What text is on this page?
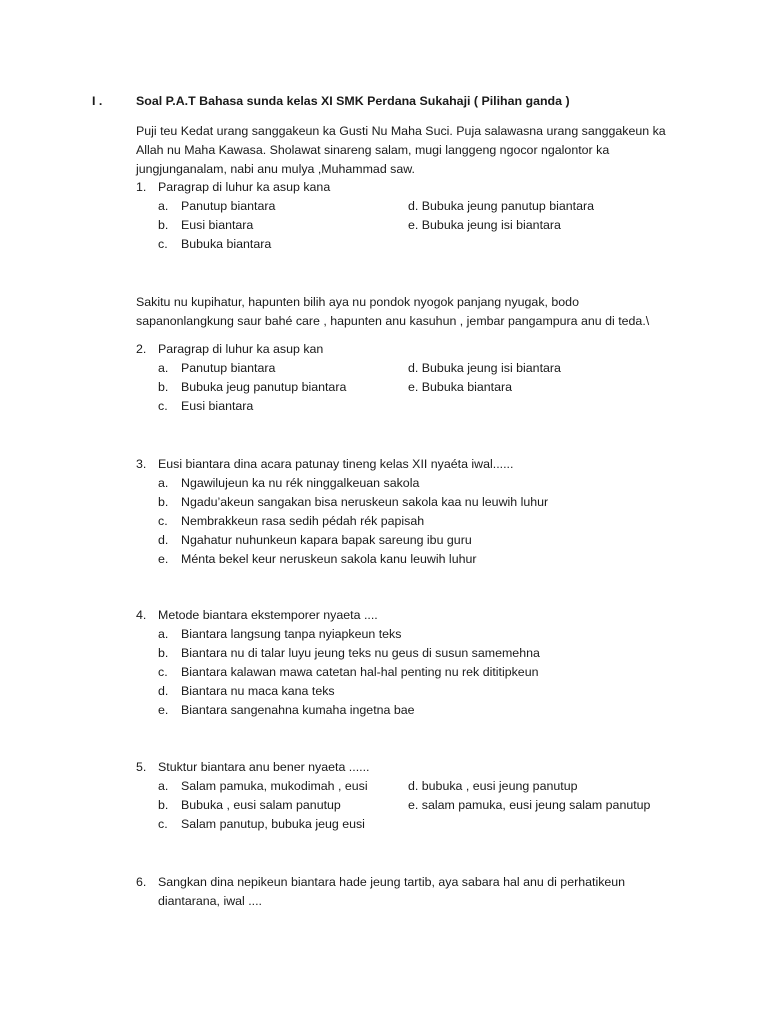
I .	Soal P.A.T Bahasa sunda kelas XI SMK Perdana Sukahaji ( Pilihan ganda )
Puji teu Kedat urang sanggakeun ka Gusti Nu Maha Suci. Puja salawasna urang sanggakeun ka
Allah nu Maha Kawasa. Sholawat sinareng salam, mugi langgeng ngocor ngalontor ka
jungjunganalam, nabi anu mulya ,Muhammad saw.
1. Paragrap di luhur ka asup kana
a. Panutup biantara	d. Bubuka jeung panutup biantara
b. Eusi biantara	e. Bubuka jeung isi biantara
c. Bubuka biantara
Sakitu nu kupihatur, hapunten bilih aya nu pondok nyogok panjang nyugak, bodo
sapanonlangkung saur bahé care , hapunten anu kasuhun , jembar pangampura anu di teda.\
2. Paragrap di luhur ka asup kan
a. Panutup biantara	d. Bubuka jeung isi biantara
b. Bubuka jeug panutup biantara	e. Bubuka biantara
c. Eusi biantara
3. Eusi biantara dina acara patunay tineng kelas XII nyaéta iwal......
a. Ngawilujeun ka nu rék ninggalkeuan sakola
b. Ngadu’akeun sangakan bisa neruskeun sakola kaa nu leuwih luhur
c. Nembrakkeun rasa sedih pédah rék papisah
d. Ngahatur nuhunkeun kapara bapak sareung ibu guru
e. Ménta bekel keur neruskeun sakola kanu leuwih luhur
4. Metode biantara ekstemporer nyaeta ....
a. Biantara langsung tanpa nyiapkeun teks
b. Biantara nu di talar luyu jeung teks nu geus di susun samemehna
c. Biantara kalawan mawa catetan hal-hal penting nu rek dititipkeun
d. Biantara nu maca kana teks
e. Biantara sangenahna kumaha ingetna bae
5. Stuktur biantara anu bener nyaeta ......
a. Salam pamuka, mukodimah , eusi	d. bubuka , eusi jeung panutup
b. Bubuka , eusi salam panutup	e. salam pamuka, eusi jeung salam panutup
c. Salam panutup, bubuka jeug eusi
6. Sangkan dina nepikeun biantara hade jeung tartib, aya sabara hal anu di perhatikeun
diantarana, iwal ....
